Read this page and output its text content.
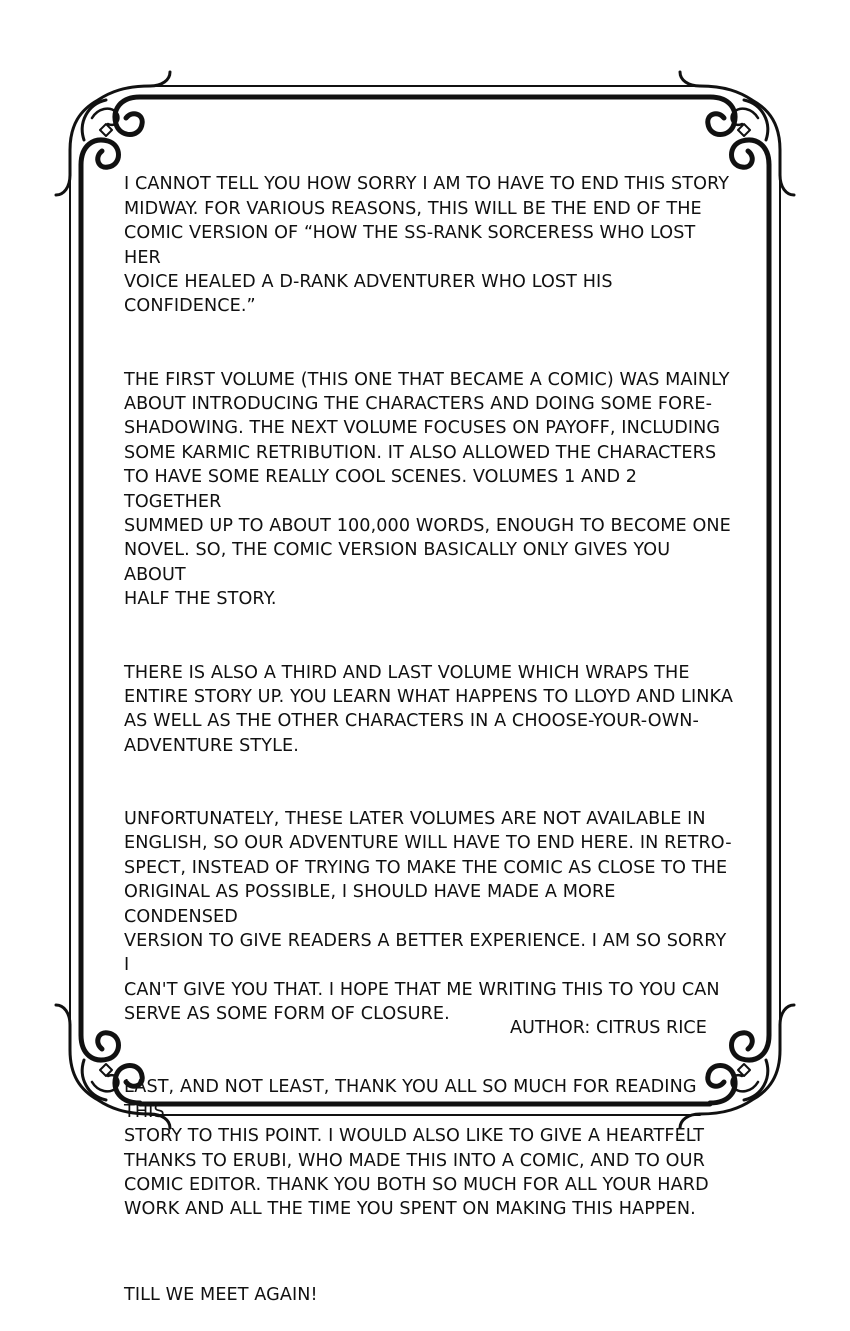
I CANNOT TELL YOU HOW SORRY I AM TO HAVE TO END THIS STORY
MIDWAY. FOR VARIOUS REASONS, THIS WILL BE THE END OF THE
COMIC VERSION OF “HOW THE SS-RANK SORCERESS WHO LOST HER
VOICE HEALED A D-RANK ADVENTURER WHO LOST HIS CONFIDENCE.”

THE FIRST VOLUME (THIS ONE THAT BECAME A COMIC) WAS MAINLY
ABOUT INTRODUCING THE CHARACTERS AND DOING SOME FORE-
SHADOWING. THE NEXT VOLUME FOCUSES ON PAYOFF, INCLUDING
SOME KARMIC RETRIBUTION. IT ALSO ALLOWED THE CHARACTERS
TO HAVE SOME REALLY COOL SCENES. VOLUMES 1 AND 2 TOGETHER
SUMMED UP TO ABOUT 100,000 WORDS, ENOUGH TO BECOME ONE
NOVEL. SO, THE COMIC VERSION BASICALLY ONLY GIVES YOU ABOUT
HALF THE STORY.

THERE IS ALSO A THIRD AND LAST VOLUME WHICH WRAPS THE
ENTIRE STORY UP. YOU LEARN WHAT HAPPENS TO LLOYD AND LINKA
AS WELL AS THE OTHER CHARACTERS IN A CHOOSE-YOUR-OWN-
ADVENTURE STYLE.

UNFORTUNATELY, THESE LATER VOLUMES ARE NOT AVAILABLE IN
ENGLISH, SO OUR ADVENTURE WILL HAVE TO END HERE. IN RETRO-
SPECT, INSTEAD OF TRYING TO MAKE THE COMIC AS CLOSE TO THE
ORIGINAL AS POSSIBLE, I SHOULD HAVE MADE A MORE CONDENSED
VERSION TO GIVE READERS A BETTER EXPERIENCE. I AM SO SORRY I
CAN'T GIVE YOU THAT. I HOPE THAT ME WRITING THIS TO YOU CAN
SERVE AS SOME FORM OF CLOSURE.

LAST, AND NOT LEAST, THANK YOU ALL SO MUCH FOR READING THIS
STORY TO THIS POINT. I WOULD ALSO LIKE TO GIVE A HEARTFELT
THANKS TO ERUBI, WHO MADE THIS INTO A COMIC, AND TO OUR
COMIC EDITOR. THANK YOU BOTH SO MUCH FOR ALL YOUR HARD
WORK AND ALL THE TIME YOU SPENT ON MAKING THIS HAPPEN.

TILL WE MEET AGAIN!

AUTHOR: CITRUS RICE
